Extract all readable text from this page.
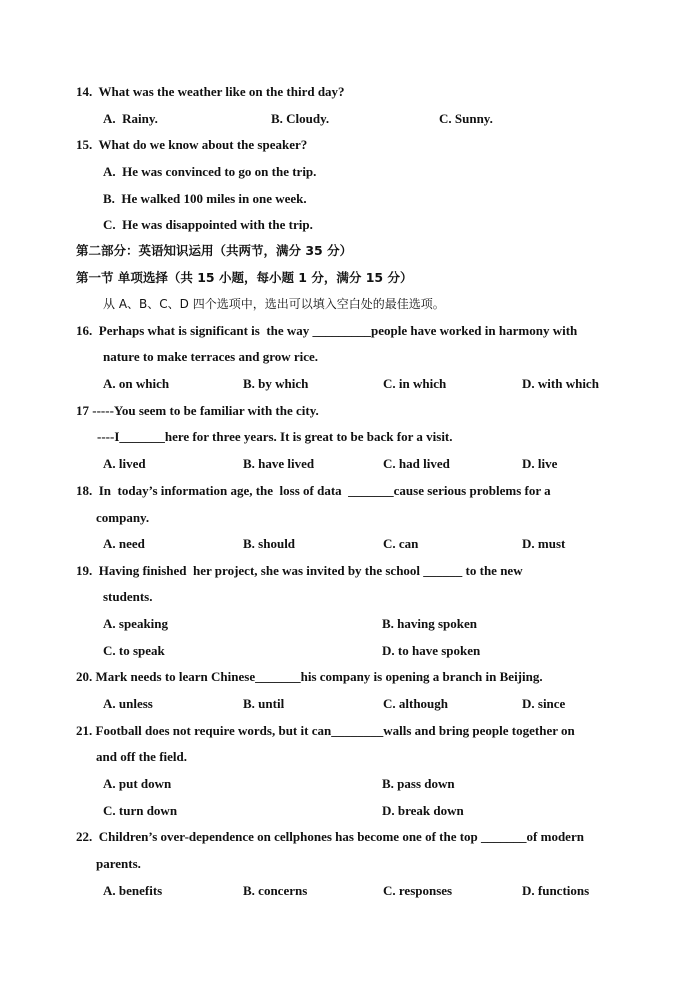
14.  What was the weather like on the third day?
A.  Rainy.	B. Cloudy.	C. Sunny.
15.  What do we know about the speaker?
A.  He was convinced to go on the trip.
B.  He walked 100 miles in one week.
C.  He was disappointed with the trip.
第二部分：英语知识运用（共两节，满分 35 分）
第一节 单项选择（共 15 小题，每小题 1 分，满分 15 分）
从 A、B、C、D 四个选项中，选出可以填入空白处的最佳选项。
16.  Perhaps what is significant is  the way _________people have worked in harmony with
nature to make terraces and grow rice.
A. on which	B. by which	C. in which	D. with which
17 -----You seem to be familiar with the city.
----I_______here for three years. It is great to be back for a visit.
A. lived	B. have lived	C. had lived	D. live
18.  In  today’s information age, the  loss of data  _______cause serious problems for a
company.
A. need	B. should	C. can	D. must
19.  Having finished  her project, she was invited by the school ______ to the new
students.
A. speaking	B. having spoken
C. to speak	D. to have spoken
20. Mark needs to learn Chinese_______his company is opening a branch in Beijing.
A. unless	B. until	C. although	D. since
21. Football does not require words, but it can________walls and bring people together on
and off the field.
A. put down	B. pass down
C. turn down	D. break down
22.  Children’s over-dependence on cellphones has become one of the top _______of modern
parents.
A. benefits	B. concerns	C. responses	D. functions
